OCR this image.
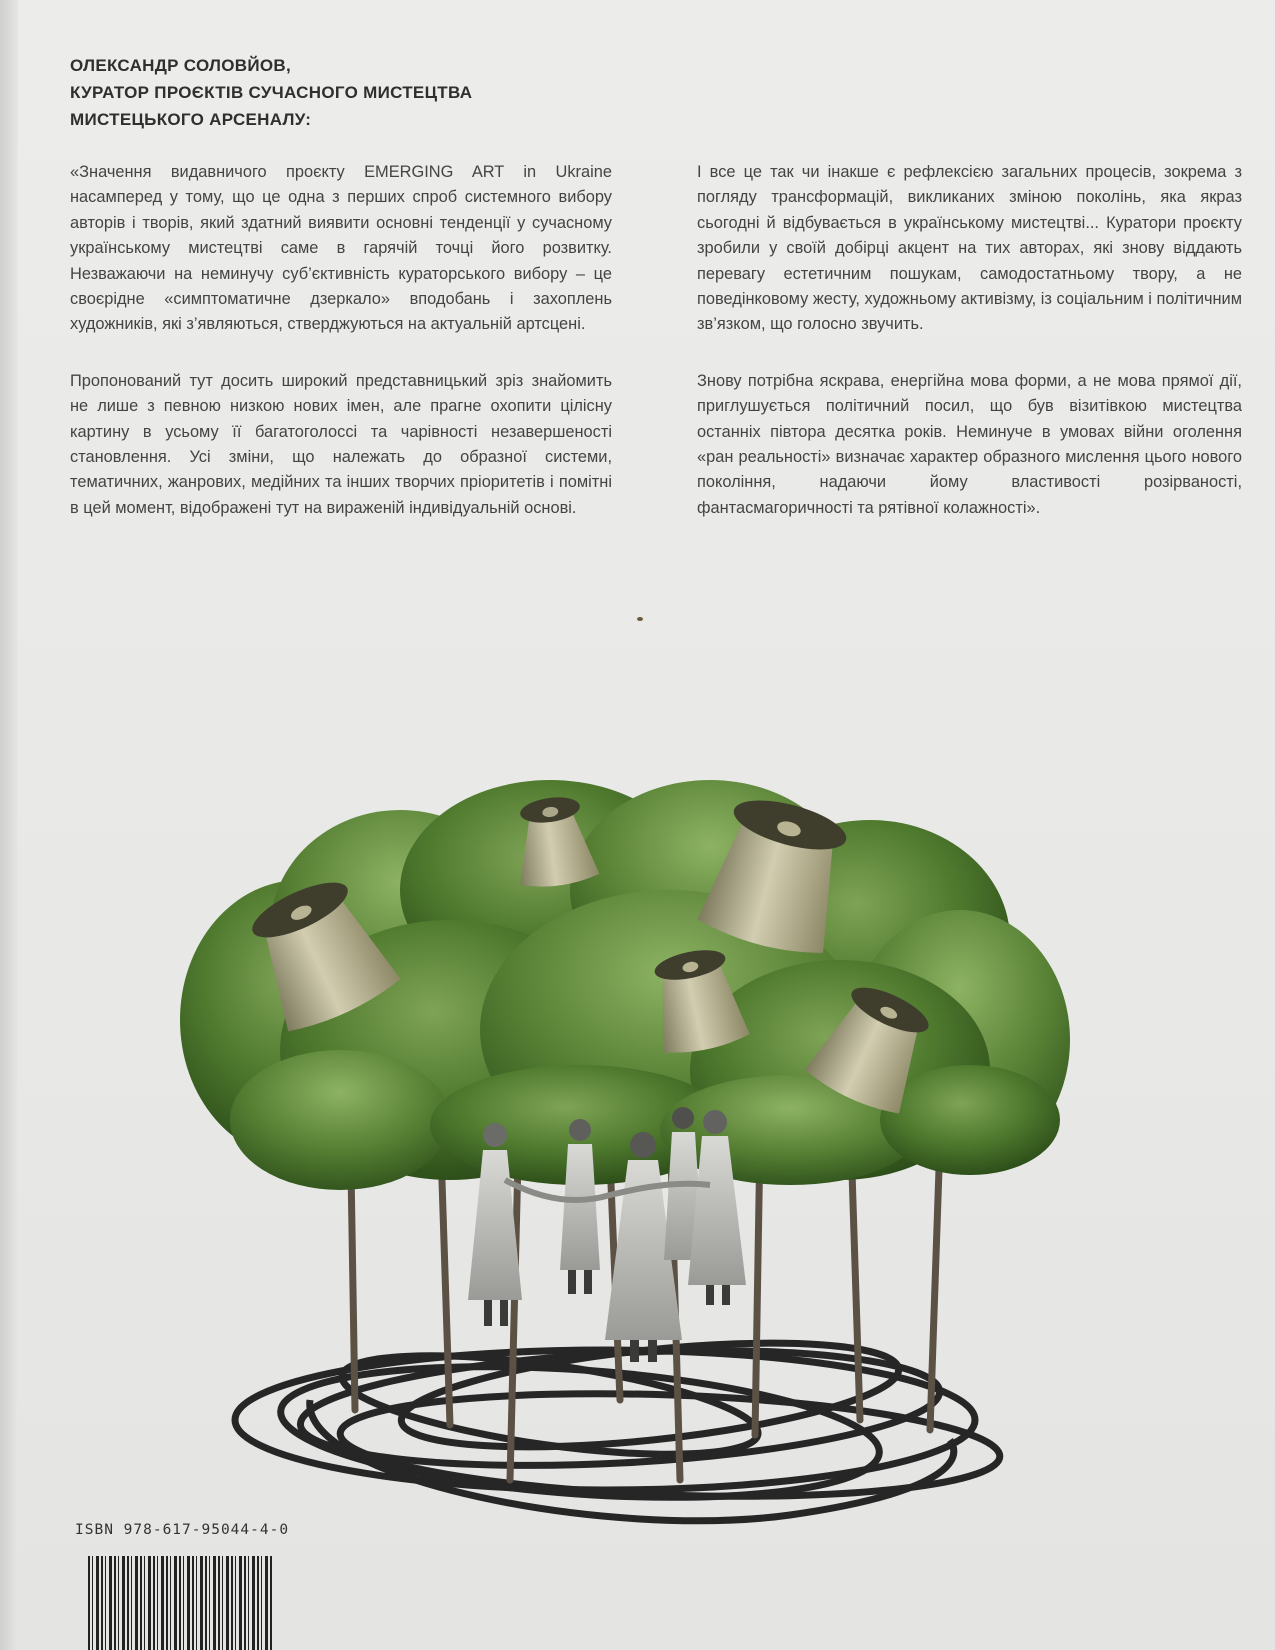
ОЛЕКСАНДР СОЛОВЙОВ,
КУРАТОР ПРОЄКТІВ СУЧАСНОГО МИСТЕЦТВА
МИСТЕЦЬКОГО АРСЕНАЛУ:

«Значення видавничого проєкту EMERGING ART in Ukraine насамперед у тому, що це одна з перших спроб системного вибору авторів і творів, який здатний виявити основні тенденції у сучасному українському мистецтві саме в гарячій точці його розвитку. Незважаючи на неминучу суб’єктивність кураторського вибору – це своєрідне «симптоматичне дзеркало» вподобань і захоплень художників, які з’являються, стверджуються на актуальній артсцені.

Пропонований тут досить широкий представницький зріз знайомить не лише з певною низкою нових імен, але прагне охопити цілісну картину в усьому її багатоголоссі та чарівності незавершеності становлення. Усі зміни, що належать до образної системи, тематичних, жанрових, медійних та інших творчих пріоритетів і помітні в цей момент, відображені тут на вираженій індивідуальній основі.

І все це так чи інакше є рефлексією загальних процесів, зокрема з погляду трансформацій, викликаних зміною поколінь, яка якраз сьогодні й відбувається в українському мистецтві... Куратори проєкту зробили у своїй добірці акцент на тих авторах, які знову віддають перевагу естетичним пошукам, самодостатньому твору, а не поведінковому жесту, художньому активізму, із соціальним і політичним зв’язком, що голосно звучить.

Знову потрібна яскрава, енергійна мова форми, а не мова прямої дії, приглушується політичний посил, що був візитівкою мистецтва останніх півтора десятка років. Неминуче в умовах війни оголення «ран реальності» визначає характер образного мислення цього нового покоління, надаючи йому властивості розірваності, фантасмагоричності та рятівної колажності».

ISBN 978-617-95044-4-0
